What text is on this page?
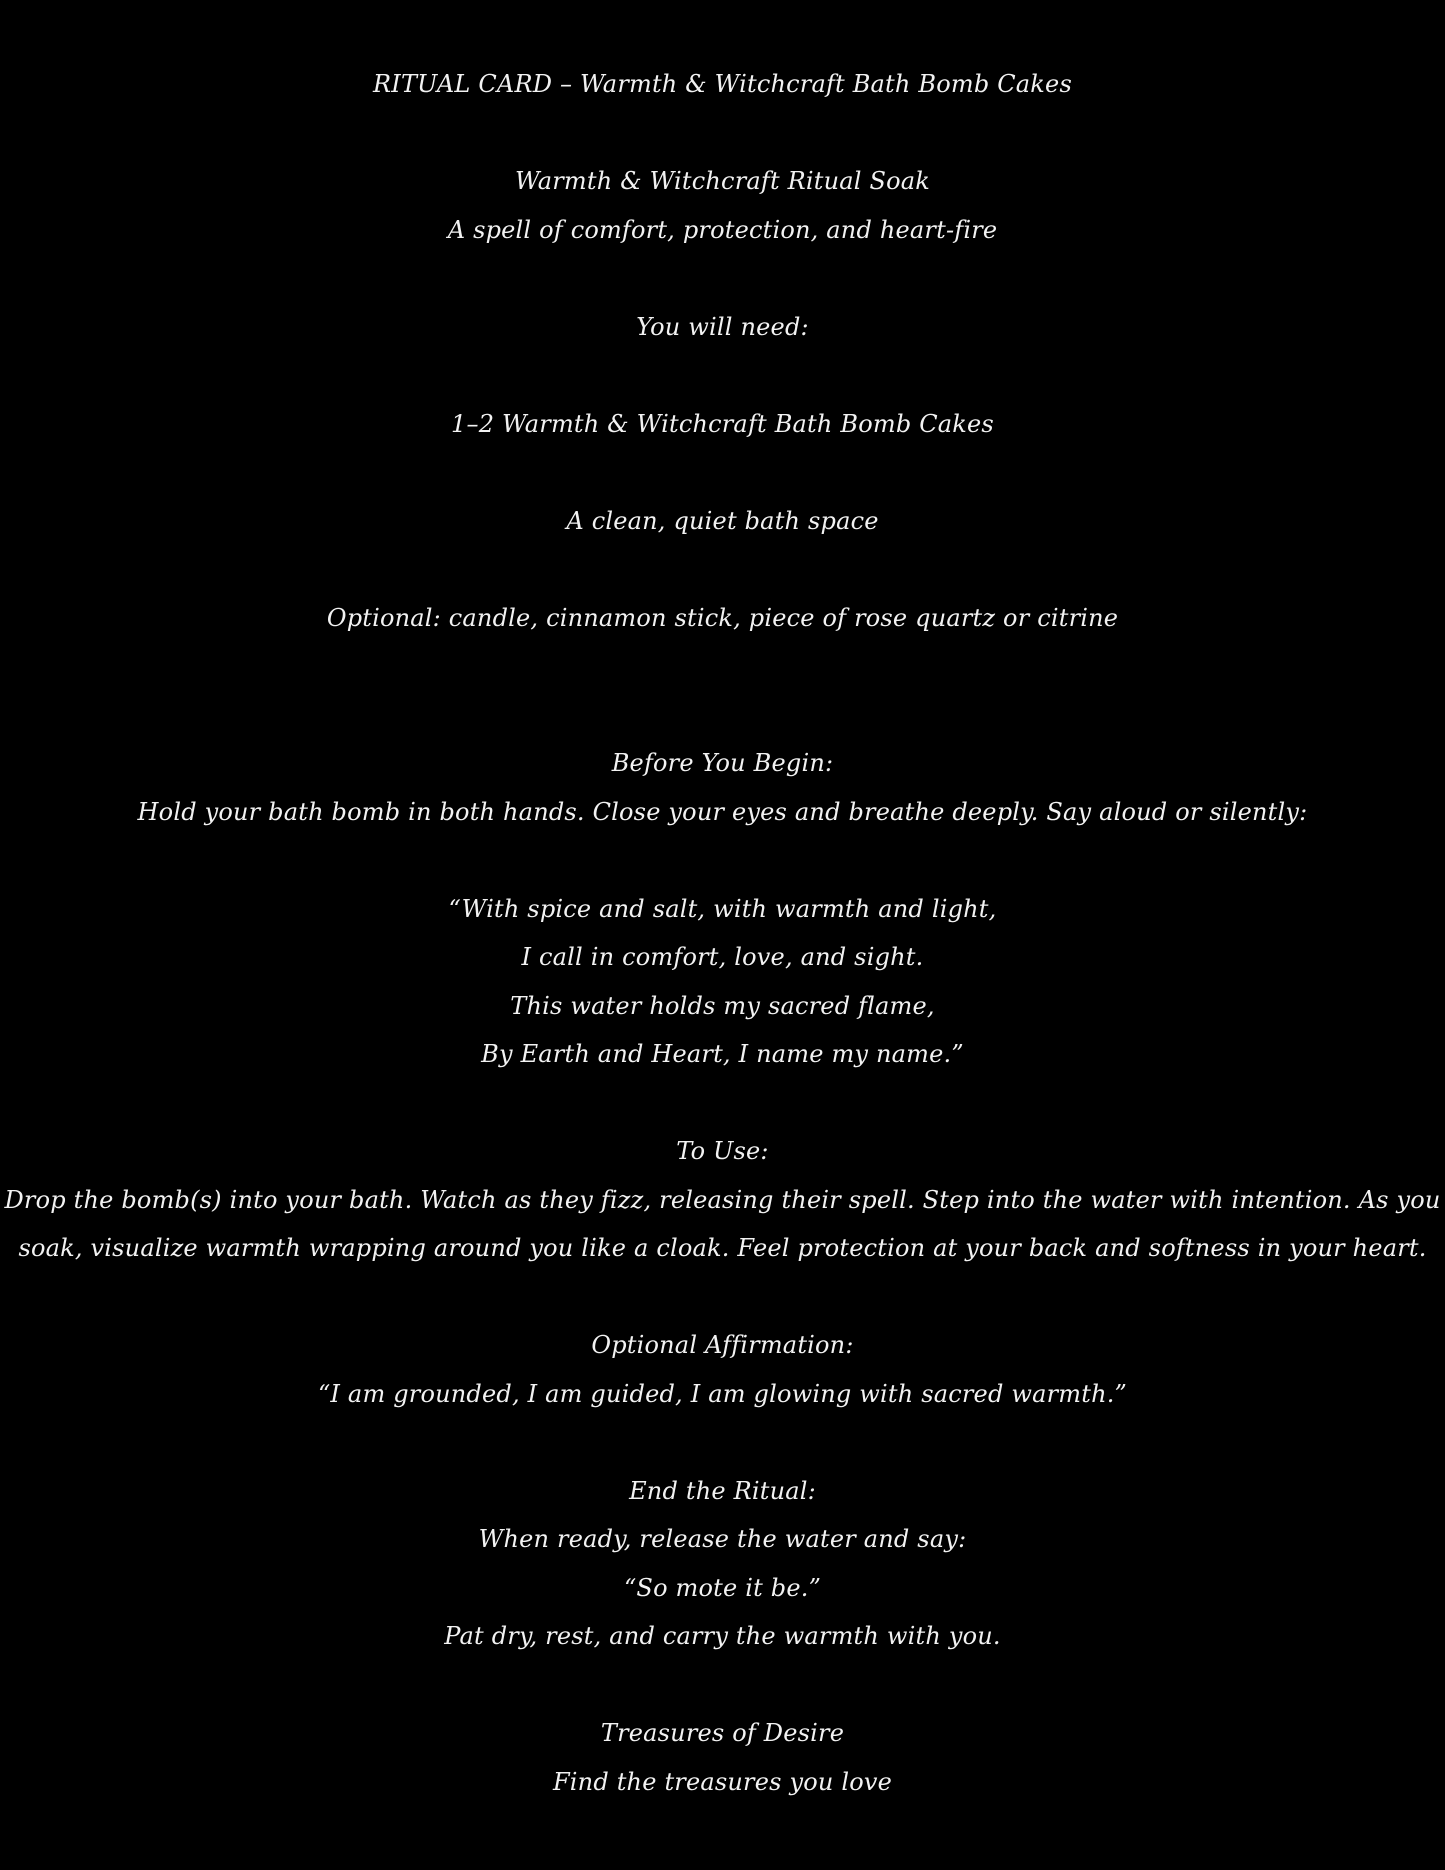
RITUAL CARD – Warmth & Witchcraft Bath Bomb Cakes
Warmth & Witchcraft Ritual Soak
A spell of comfort, protection, and heart-fire
You will need:
1–2 Warmth & Witchcraft Bath Bomb Cakes
A clean, quiet bath space
Optional: candle, cinnamon stick, piece of rose quartz or citrine
Before You Begin:
Hold your bath bomb in both hands. Close your eyes and breathe deeply. Say aloud or silently:
“With spice and salt, with warmth and light,
I call in comfort, love, and sight.
This water holds my sacred flame,
By Earth and Heart, I name my name.”
To Use:
Drop the bomb(s) into your bath. Watch as they fizz, releasing their spell. Step into the water with intention. As you
soak, visualize warmth wrapping around you like a cloak. Feel protection at your back and softness in your heart.
Optional Affirmation:
“I am grounded, I am guided, I am glowing with sacred warmth.”
End the Ritual:
When ready, release the water and say:
“So mote it be.”
Pat dry, rest, and carry the warmth with you.
Treasures of Desire
Find the treasures you love
